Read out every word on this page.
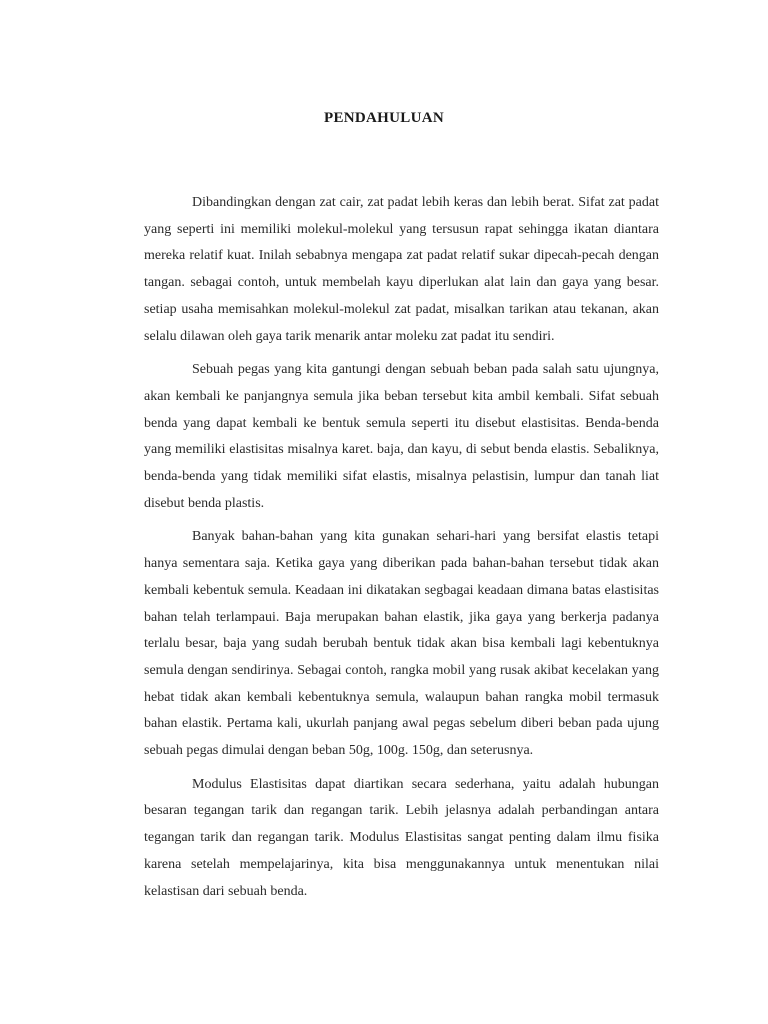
PENDAHULUAN

Dibandingkan dengan zat cair, zat padat lebih keras dan lebih berat. Sifat zat padat yang seperti ini memiliki molekul-molekul yang tersusun rapat sehingga ikatan diantara mereka relatif kuat. Inilah sebabnya mengapa zat padat relatif sukar dipecah-pecah dengan tangan. sebagai contoh, untuk membelah kayu diperlukan alat lain dan gaya yang besar. setiap usaha memisahkan molekul-molekul zat padat, misalkan tarikan atau tekanan, akan selalu dilawan oleh gaya tarik menarik antar moleku zat padat itu sendiri.

Sebuah pegas yang kita gantungi dengan sebuah beban pada salah satu ujungnya, akan kembali ke panjangnya semula jika beban tersebut kita ambil kembali. Sifat sebuah benda yang dapat kembali ke bentuk semula seperti itu disebut elastisitas. Benda-benda yang memiliki elastisitas misalnya karet. baja, dan kayu, di sebut benda elastis. Sebaliknya, benda-benda yang tidak memiliki sifat elastis, misalnya pelastisin, lumpur dan tanah liat disebut benda plastis.

Banyak bahan-bahan yang kita gunakan sehari-hari yang bersifat elastis tetapi hanya sementara saja. Ketika gaya yang diberikan pada bahan-bahan tersebut tidak akan kembali kebentuk semula. Keadaan ini dikatakan segbagai keadaan dimana batas elastisitas bahan telah terlampaui. Baja merupakan bahan elastik, jika gaya yang berkerja padanya terlalu besar, baja yang sudah berubah bentuk tidak akan bisa kembali lagi kebentuknya semula dengan sendirinya. Sebagai contoh, rangka mobil yang rusak akibat kecelakan yang hebat tidak akan kembali kebentuknya semula, walaupun bahan rangka mobil termasuk bahan elastik. Pertama kali, ukurlah panjang awal pegas sebelum diberi beban pada ujung sebuah pegas dimulai dengan beban 50g, 100g. 150g, dan seterusnya.

Modulus Elastisitas dapat diartikan secara sederhana, yaitu adalah hubungan besaran tegangan tarik dan regangan tarik. Lebih jelasnya adalah perbandingan antara tegangan tarik dan regangan tarik. Modulus Elastisitas sangat penting dalam ilmu fisika karena setelah mempelajarinya, kita bisa menggunakannya untuk menentukan nilai kelastisan dari sebuah benda.
